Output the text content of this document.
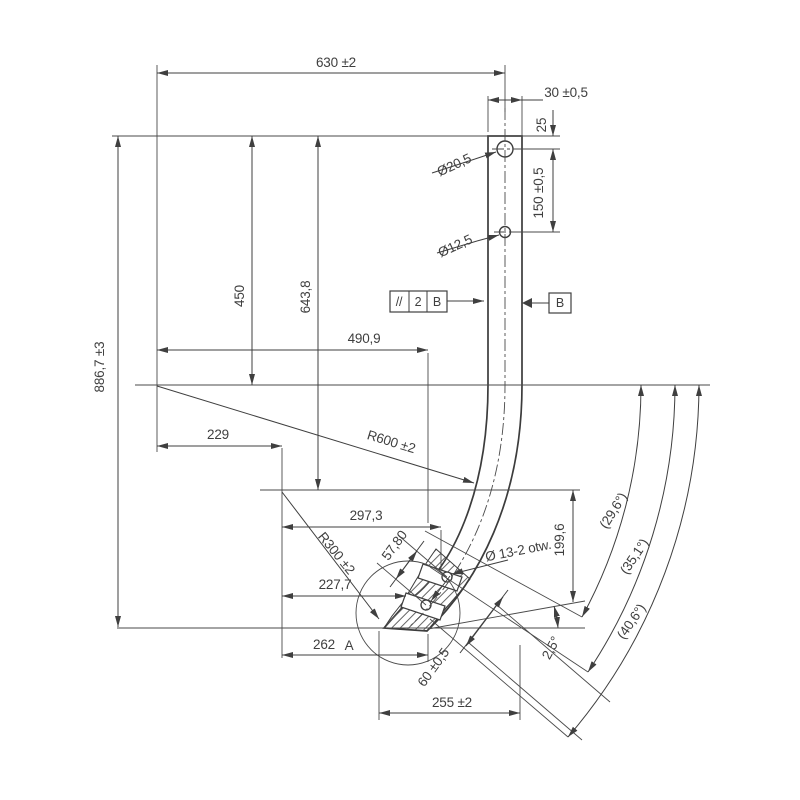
630 ±2
30 ±0,5
25
150 ±0,5
Ø20,5
Ø12,5
// 2 B	B
450	643,8
886,7 ±3
490,9
229	R600 ±2
R300 ±2
297,3
57,80	Ø 13-2 otw. 199,6
227,7
262 A	2,5°
60 ±0,5
255 ±2
(29,6°)
(35,1°)
(40,6°)
